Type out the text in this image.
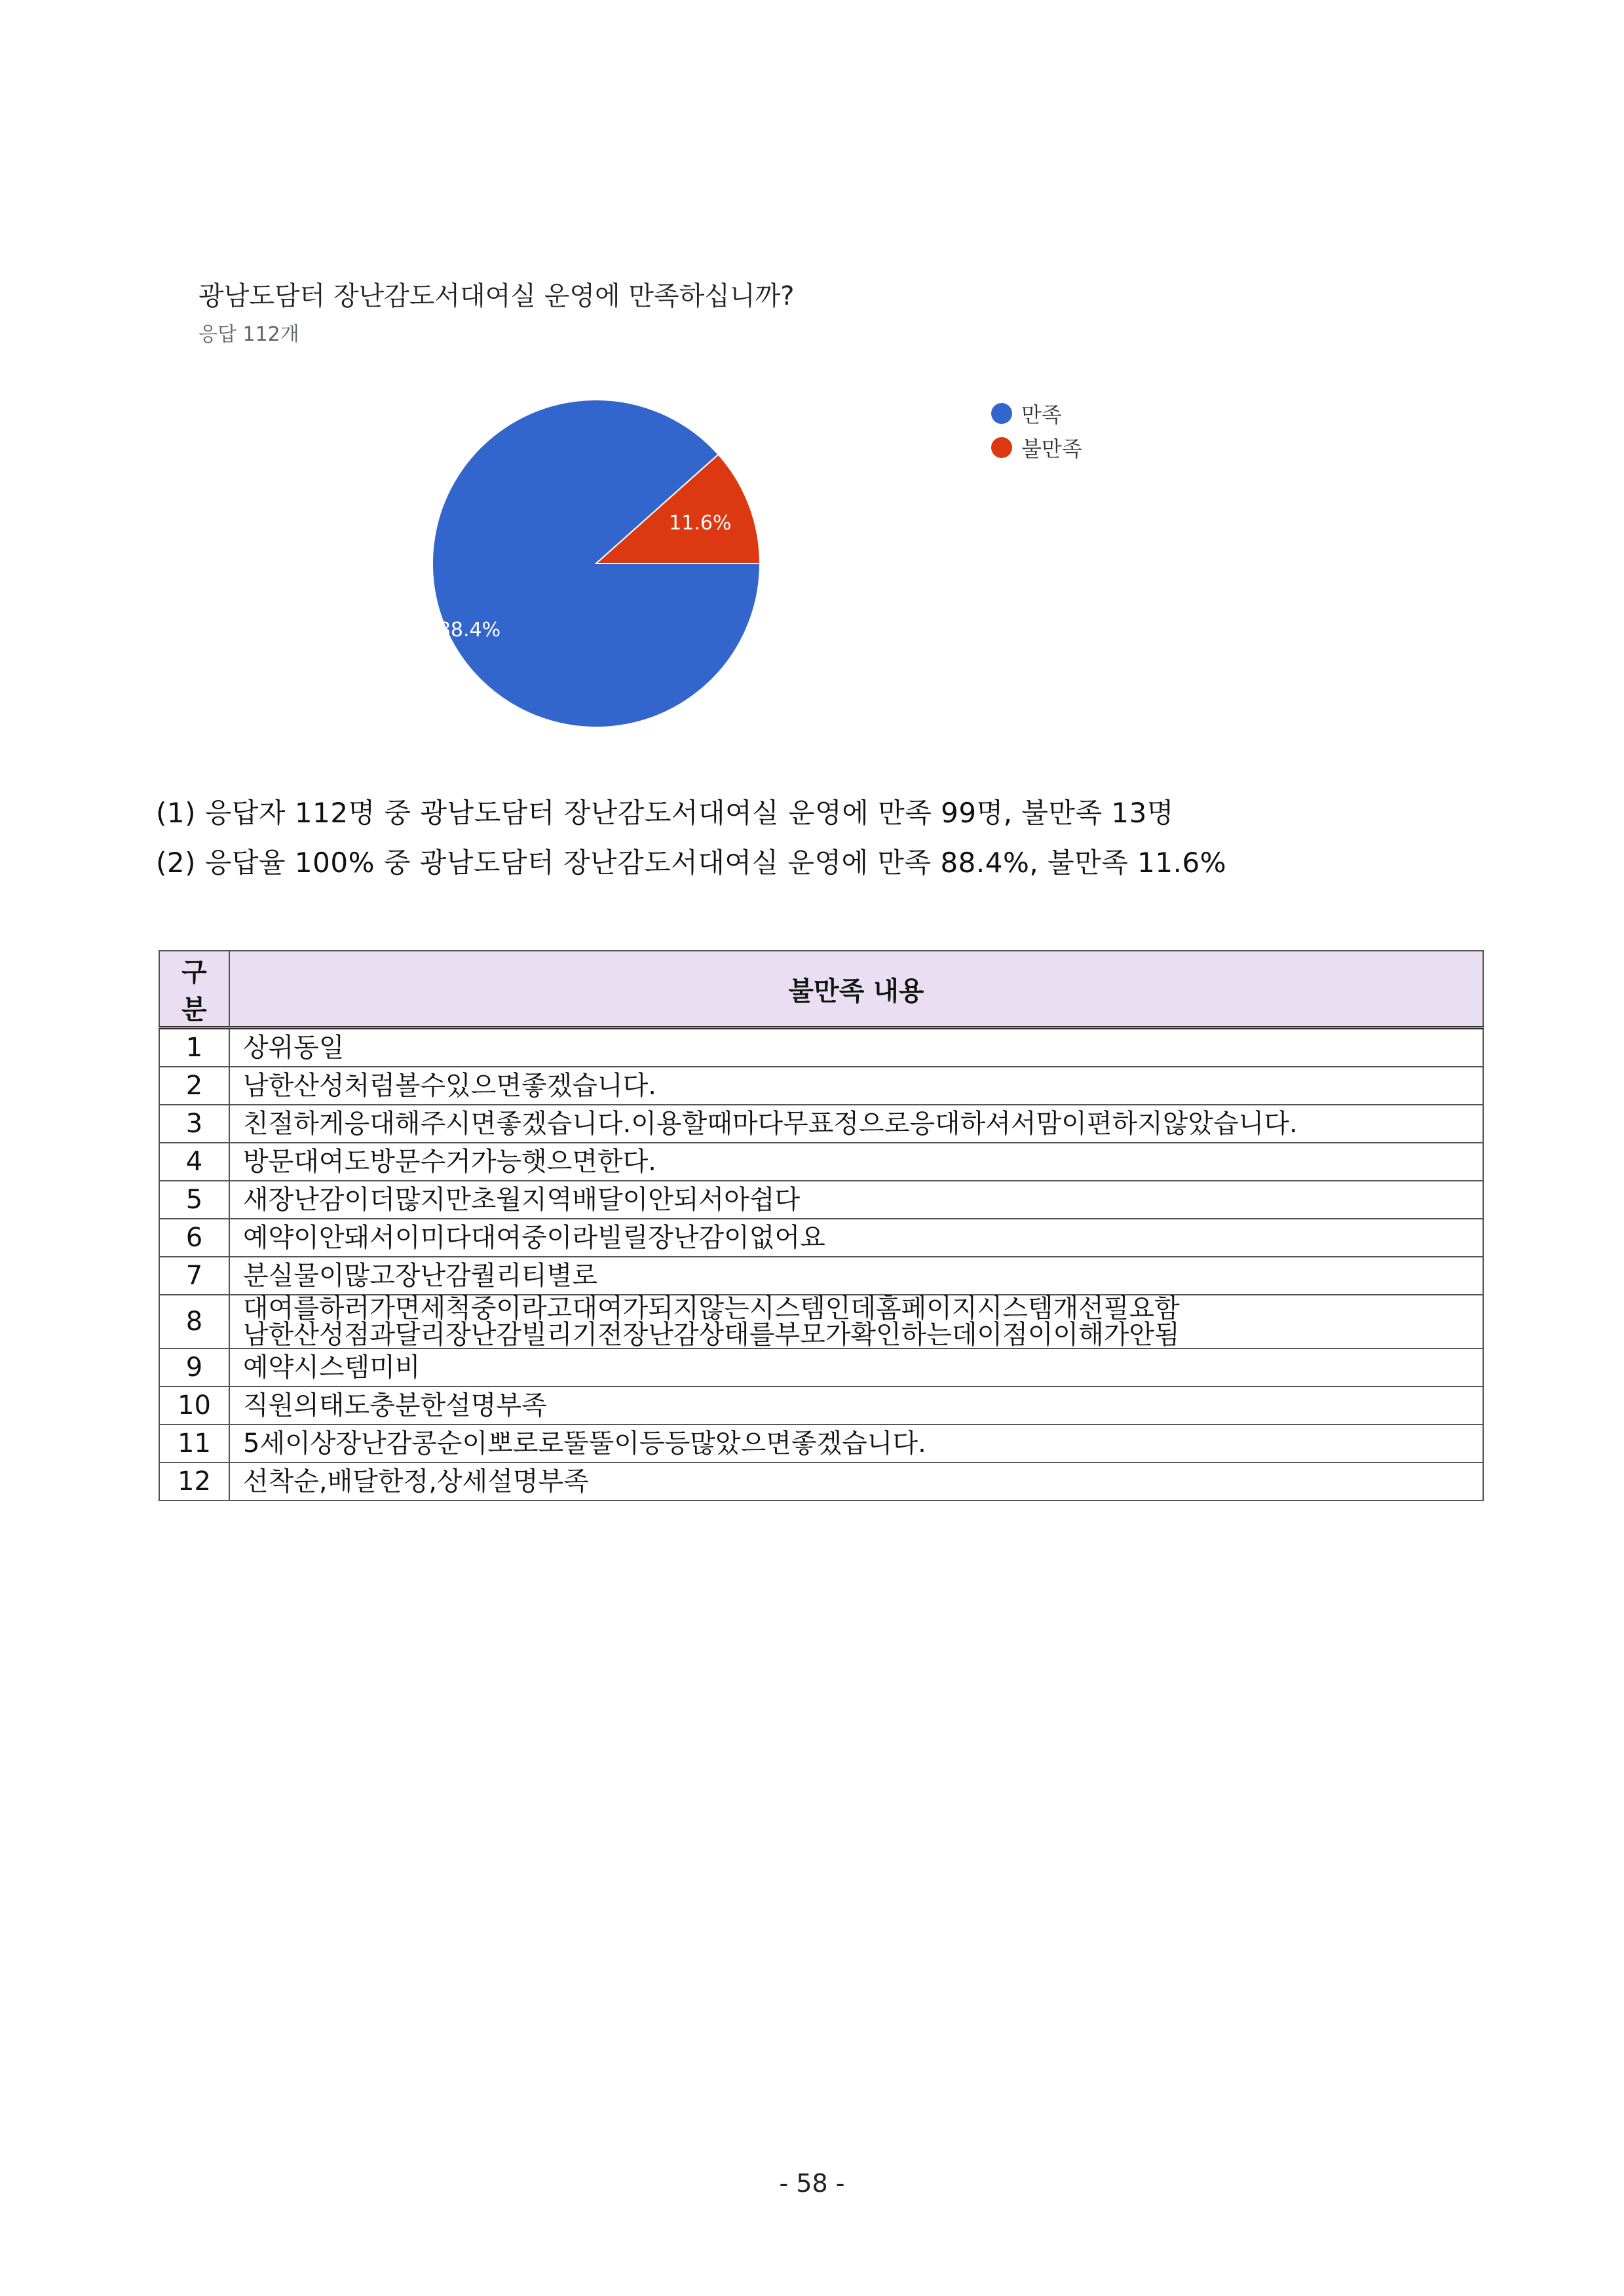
광남도담터 장난감도서대여실 운영에 만족하십니까?
응답 112개
88.4%
11.6%
만족
불만족
(1) 응답자 112명 중 광남도담터 장난감도서대여실 운영에 만족 99명, 불만족 13명
(2) 응답율 100% 중 광남도담터 장난감도서대여실 운영에 만족 88.4%, 불만족 11.6%
구분	불만족 내용
1	상위동일
2	남한산성처럼볼수있으면좋겠습니다.
3	친절하게응대해주시면좋겠습니다.이용할때마다무표정으로응대하셔서맘이편하지않았습니다.
4	방문대여도방문수거가능햇으면한다.
5	새장난감이더많지만초월지역배달이안되서아쉽다
6	예약이안돼서이미다대여중이라빌릴장난감이없어요
7	분실물이많고장난감퀄리티별로
8	대여를하러가면세척중이라고대여가되지않는시스템인데홈페이지시스템개선필요함
남한산성점과달리장난감빌리기전장난감상태를부모가확인하는데이점이이해가안됨

9	예약시스템미비
10	직원의태도충분한설명부족
11	5세이상장난감콩순이뽀로로뚤뚤이등등많았으면좋겠습니다.
12	선착순,배달한정,상세설명부족
- 58 -
